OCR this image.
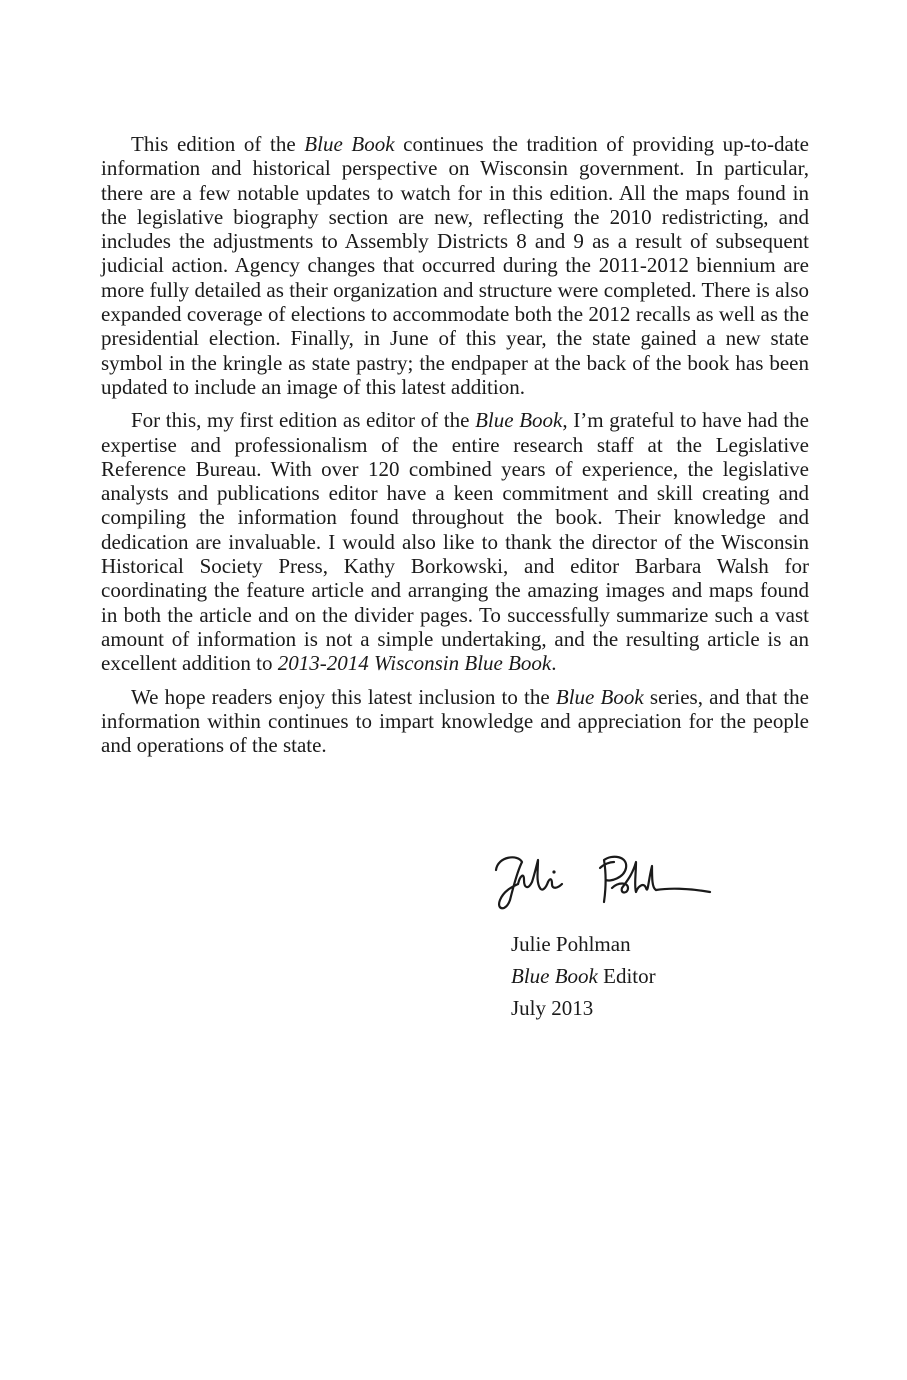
This edition of the Blue Book continues the tradition of providing up-to-date information and historical perspective on Wisconsin government. In particular, there are a few notable updates to watch for in this edition. All the maps found in the legislative biography section are new, reflecting the 2010 redistricting, and includes the adjustments to Assembly Districts 8 and 9 as a result of subsequent judicial action. Agency changes that occurred during the 2011-2012 biennium are more fully detailed as their organization and structure were completed. There is also expanded coverage of elections to accommodate both the 2012 recalls as well as the presidential election. Finally, in June of this year, the state gained a new state symbol in the kringle as state pastry; the endpaper at the back of the book has been updated to include an image of this latest addition.

For this, my first edition as editor of the Blue Book, I’m grateful to have had the expertise and professionalism of the entire research staff at the Legislative Reference Bureau. With over 120 combined years of experience, the legislative analysts and publications editor have a keen commitment and skill creating and compiling the information found throughout the book. Their knowledge and dedication are invaluable. I would also like to thank the director of the Wisconsin Historical Society Press, Kathy Borkowski, and editor Barbara Walsh for coordinating the feature article and arranging the amazing images and maps found in both the article and on the divider pages. To successfully summarize such a vast amount of information is not a simple undertaking, and the resulting article is an excellent addition to 2013-2014 Wisconsin Blue Book.

We hope readers enjoy this latest inclusion to the Blue Book series, and that the information within continues to impart knowledge and appreciation for the people and operations of the state.

Julie Pohlman
Blue Book Editor
July 2013
